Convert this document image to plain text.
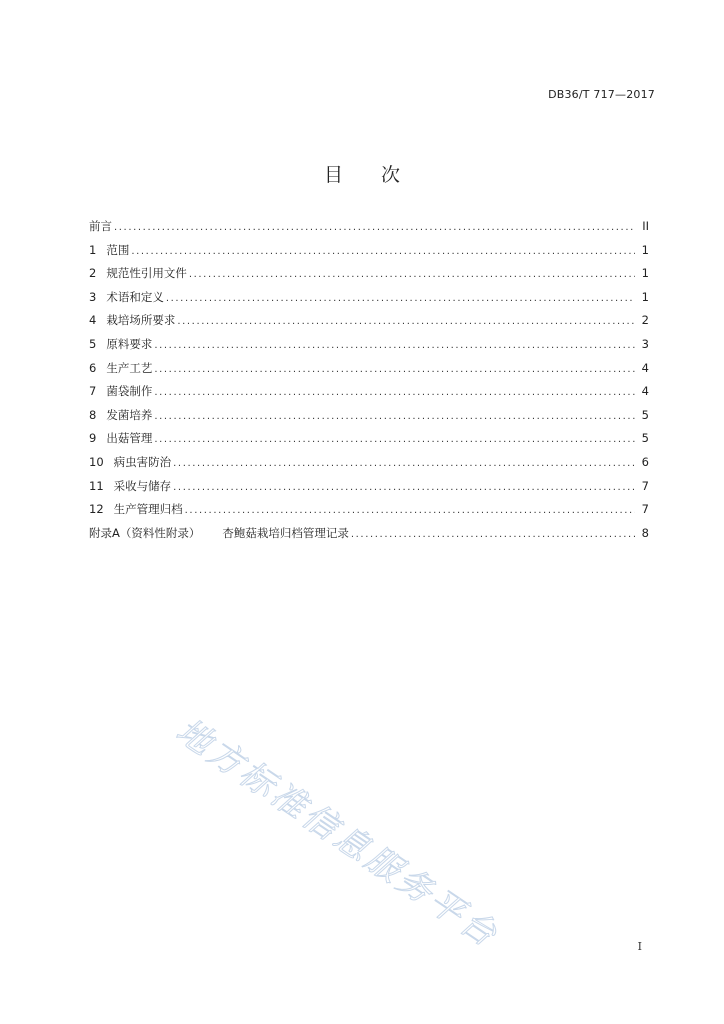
DB36/T 717—2017
目 次
前言 .....	II
1 范围 .....	1
2 规范性引用文件 .....	1
3 术语和定义 .....	1
4 栽培场所要求 .....	2
5 原料要求 .....	3
6 生产工艺 .....	4
7 菌袋制作 .....	4
8 发菌培养 .....	5
9 出菇管理 .....	5
10 病虫害防治 .....	6
11 采收与储存 .....	7
12 生产管理归档 .....	7
附录A（资料性附录） 杏鲍菇栽培归档管理记录 .....	8
地方标准信息服务平台	I
